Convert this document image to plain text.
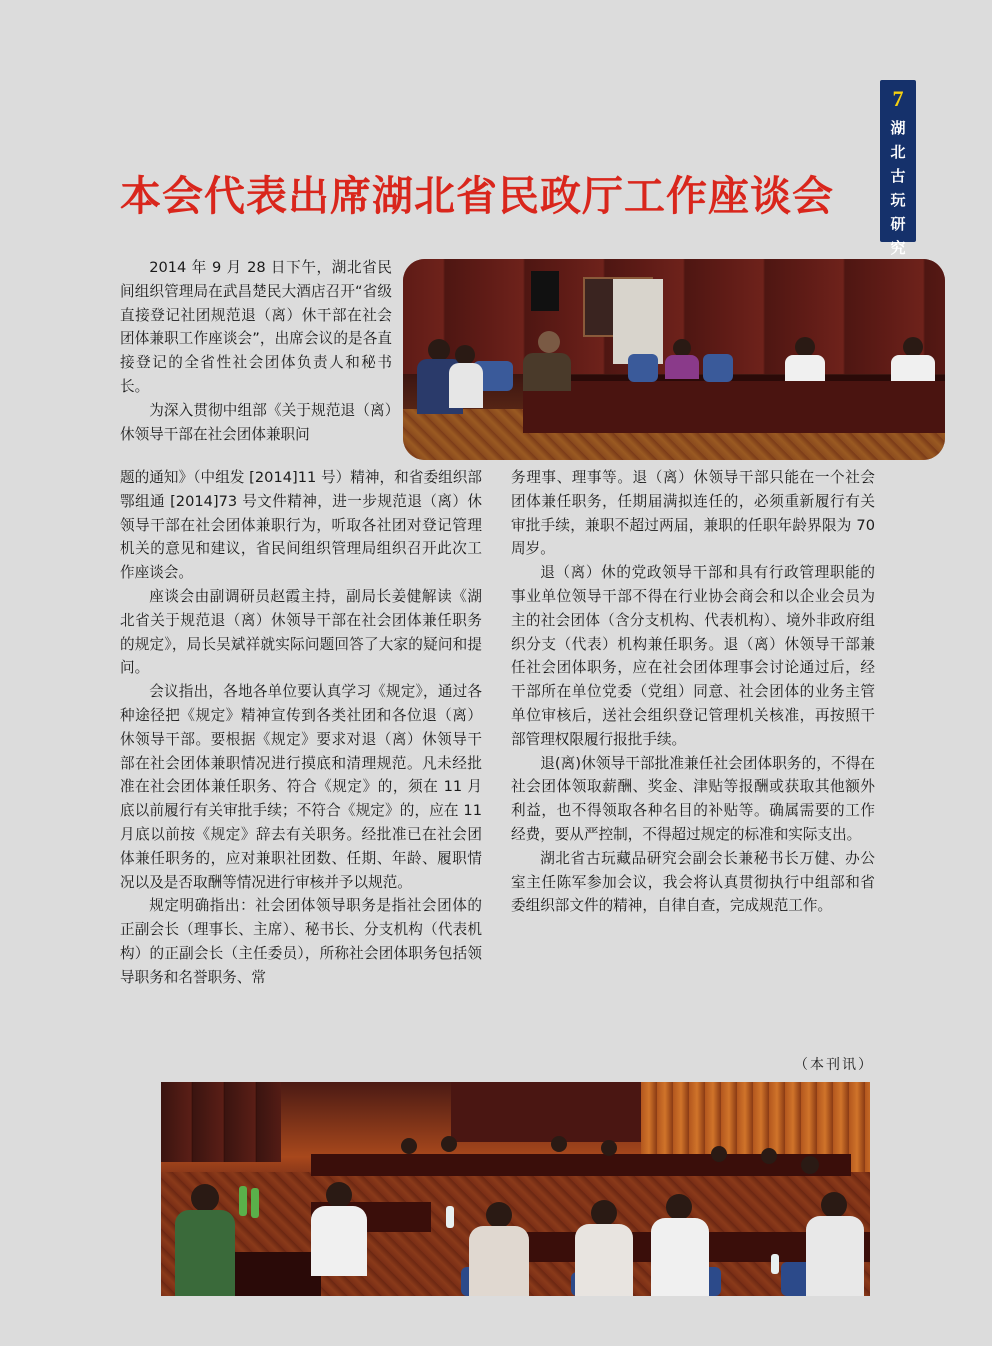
7
湖
北
古
玩
研
究
本会代表出席湖北省民政厅工作座谈会

2014 年 9 月 28 日下午，湖北省民间组织管理局在武昌楚民大酒店召开“省级直接登记社团规范退（离）休干部在社会团体兼职工作座谈会”，出席会议的是各直接登记的全省性社会团体负责人和秘书长。

为深入贯彻中组部《关于规范退（离）休领导干部在社会团体兼职问

题的通知》（中组发 [2014]11 号）精神，和省委组织部鄂组通 [2014]73 号文件精神，进一步规范退（离）休领导干部在社会团体兼职行为，听取各社团对登记管理机关的意见和建议，省民间组织管理局组织召开此次工作座谈会。

座谈会由副调研员赵霞主持，副局长姜健解读《湖北省关于规范退（离）休领导干部在社会团体兼任职务的规定》，局长吴斌祥就实际问题回答了大家的疑问和提问。

会议指出，各地各单位要认真学习《规定》，通过各种途径把《规定》精神宣传到各类社团和各位退（离）休领导干部。要根据《规定》要求对退（离）休领导干部在社会团体兼职情况进行摸底和清理规范。凡未经批准在社会团体兼任职务、符合《规定》的，须在 11 月底以前履行有关审批手续；不符合《规定》的，应在 11 月底以前按《规定》辞去有关职务。经批准已在社会团体兼任职务的，应对兼职社团数、任期、年龄、履职情况以及是否取酬等情况进行审核并予以规范。

规定明确指出：社会团体领导职务是指社会团体的正副会长（理事长、主席）、秘书长、分支机构（代表机构）的正副会长（主任委员），所称社会团体职务包括领导职务和名誉职务、常

务理事、理事等。退（离）休领导干部只能在一个社会团体兼任职务，任期届满拟连任的，必须重新履行有关审批手续，兼职不超过两届，兼职的任职年龄界限为 70 周岁。

退（离）休的党政领导干部和具有行政管理职能的事业单位领导干部不得在行业协会商会和以企业会员为主的社会团体（含分支机构、代表机构）、境外非政府组织分支（代表）机构兼任职务。退（离）休领导干部兼任社会团体职务，应在社会团体理事会讨论通过后，经干部所在单位党委（党组）同意、社会团体的业务主管单位审核后，送社会组织登记管理机关核准，再按照干部管理权限履行报批手续。

退(离)休领导干部批准兼任社会团体职务的，不得在社会团体领取薪酬、奖金、津贴等报酬或获取其他额外利益，也不得领取各种名目的补贴等。确属需要的工作经费，要从严控制，不得超过规定的标准和实际支出。

湖北省古玩藏品研究会副会长兼秘书长万健、办公室主任陈军参加会议，我会将认真贯彻执行中组部和省委组织部文件的精神，自律自查，完成规范工作。

（本刊讯）
